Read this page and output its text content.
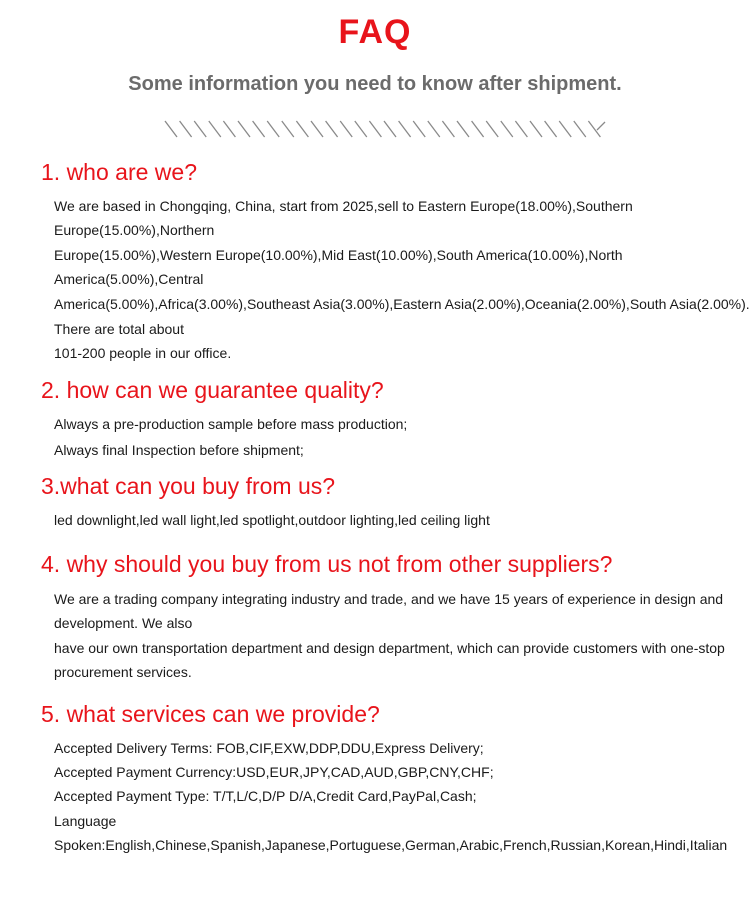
FAQ
Some information you need to know after shipment.
1. who are we?
We are based in Chongqing, China, start from 2025,sell to Eastern Europe(18.00%),Southern
Europe(15.00%),Northern
Europe(15.00%),Western Europe(10.00%),Mid East(10.00%),South America(10.00%),North
America(5.00%),Central
America(5.00%),Africa(3.00%),Southeast Asia(3.00%),Eastern Asia(2.00%),Oceania(2.00%),South Asia(2.00%).
There are total about
101-200 people in our office.
2. how can we guarantee quality?
Always a pre-production sample before mass production;
Always final Inspection before shipment;
3.what can you buy from us?
led downlight,led wall light,led spotlight,outdoor lighting,led ceiling light
4. why should you buy from us not from other suppliers?
We are a trading company integrating industry and trade, and we have 15 years of experience in design and
development. We also
have our own transportation department and design department, which can provide customers with one-stop
procurement services.
5. what services can we provide?
Accepted Delivery Terms: FOB,CIF,EXW,DDP,DDU,Express Delivery;
Accepted Payment Currency:USD,EUR,JPY,CAD,AUD,GBP,CNY,CHF;
Accepted Payment Type: T/T,L/C,D/P D/A,Credit Card,PayPal,Cash;
Language
Spoken:English,Chinese,Spanish,Japanese,Portuguese,German,Arabic,French,Russian,Korean,Hindi,Italian
